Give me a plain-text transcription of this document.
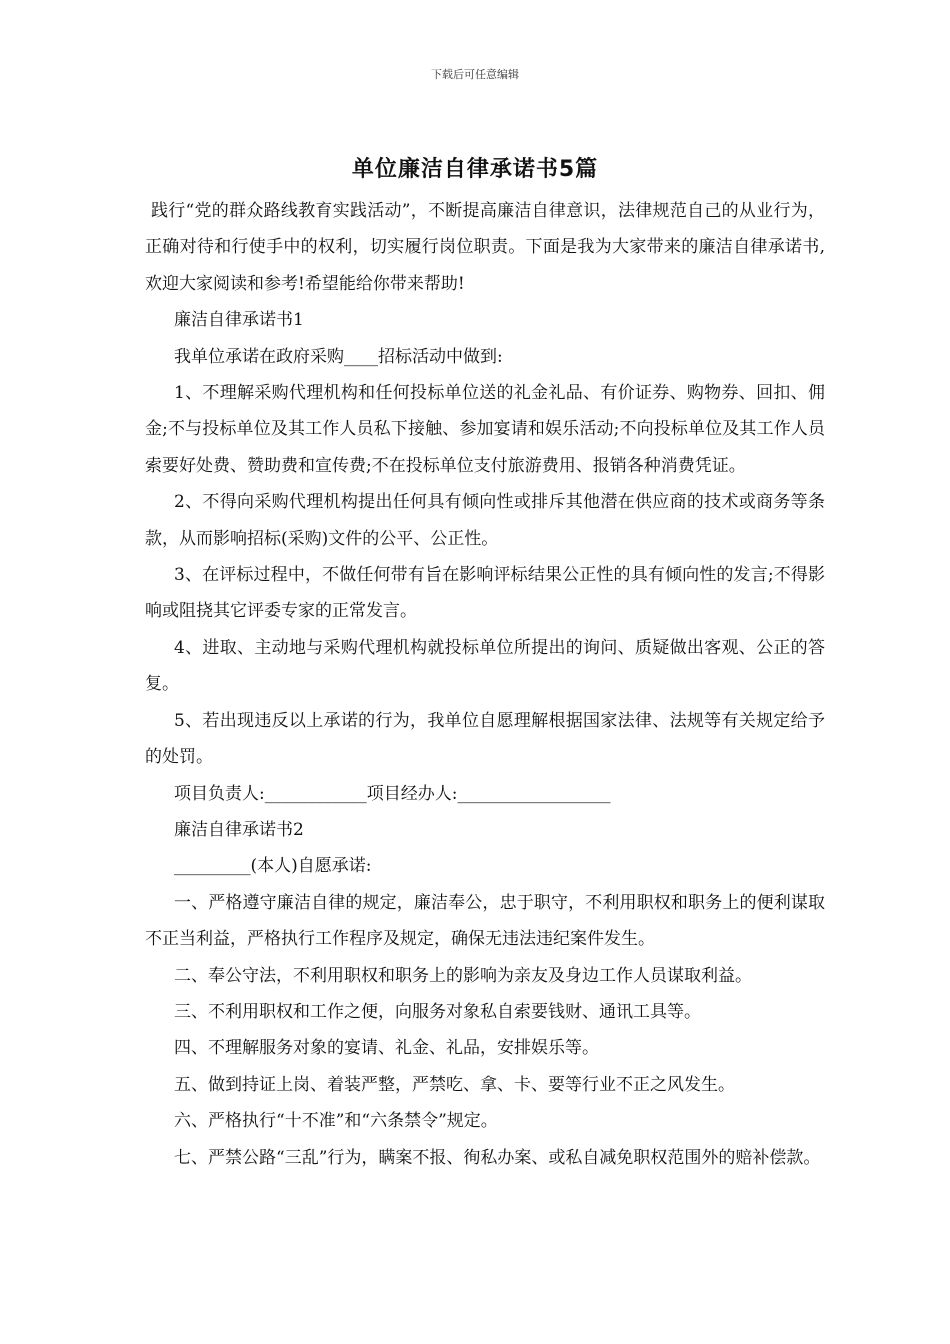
下载后可任意编辑
单位廉洁自律承诺书5篇

践行“党的群众路线教育实践活动”，不断提高廉洁自律意识，法律规范自己的从业行为，正确对待和行使手中的权利，切实履行岗位职责。下面是我为大家带来的廉洁自律承诺书,欢迎大家阅读和参考!希望能给你带来帮助!

廉洁自律承诺书1

我单位承诺在政府采购____招标活动中做到:

1、不理解采购代理机构和任何投标单位送的礼金礼品、有价证券、购物券、回扣、佣金;不与投标单位及其工作人员私下接触、参加宴请和娱乐活动;不向投标单位及其工作人员索要好处费、赞助费和宣传费;不在投标单位支付旅游费用、报销各种消费凭证。

2、不得向采购代理机构提出任何具有倾向性或排斥其他潜在供应商的技术或商务等条款，从而影响招标(采购)文件的公平、公正性。

3、在评标过程中，不做任何带有旨在影响评标结果公正性的具有倾向性的发言;不得影响或阻挠其它评委专家的正常发言。

4、进取、主动地与采购代理机构就投标单位所提出的询问、质疑做出客观、公正的答复。

5、若出现违反以上承诺的行为，我单位自愿理解根据国家法律、法规等有关规定给予的处罚。

项目负责人:____________项目经办人:__________________

廉洁自律承诺书2

_________(本人)自愿承诺:

一、严格遵守廉洁自律的规定，廉洁奉公，忠于职守，不利用职权和职务上的便利谋取不正当利益，严格执行工作程序及规定，确保无违法违纪案件发生。

二、奉公守法，不利用职权和职务上的影响为亲友及身边工作人员谋取利益。

三、不利用职权和工作之便，向服务对象私自索要钱财、通讯工具等。

四、不理解服务对象的宴请、礼金、礼品，安排娱乐等。

五、做到持证上岗、着装严整，严禁吃、拿、卡、要等行业不正之风发生。

六、严格执行“十不准”和“六条禁令”规定。

七、严禁公路“三乱”行为，瞒案不报、徇私办案、或私自减免职权范围外的赔补偿款。
